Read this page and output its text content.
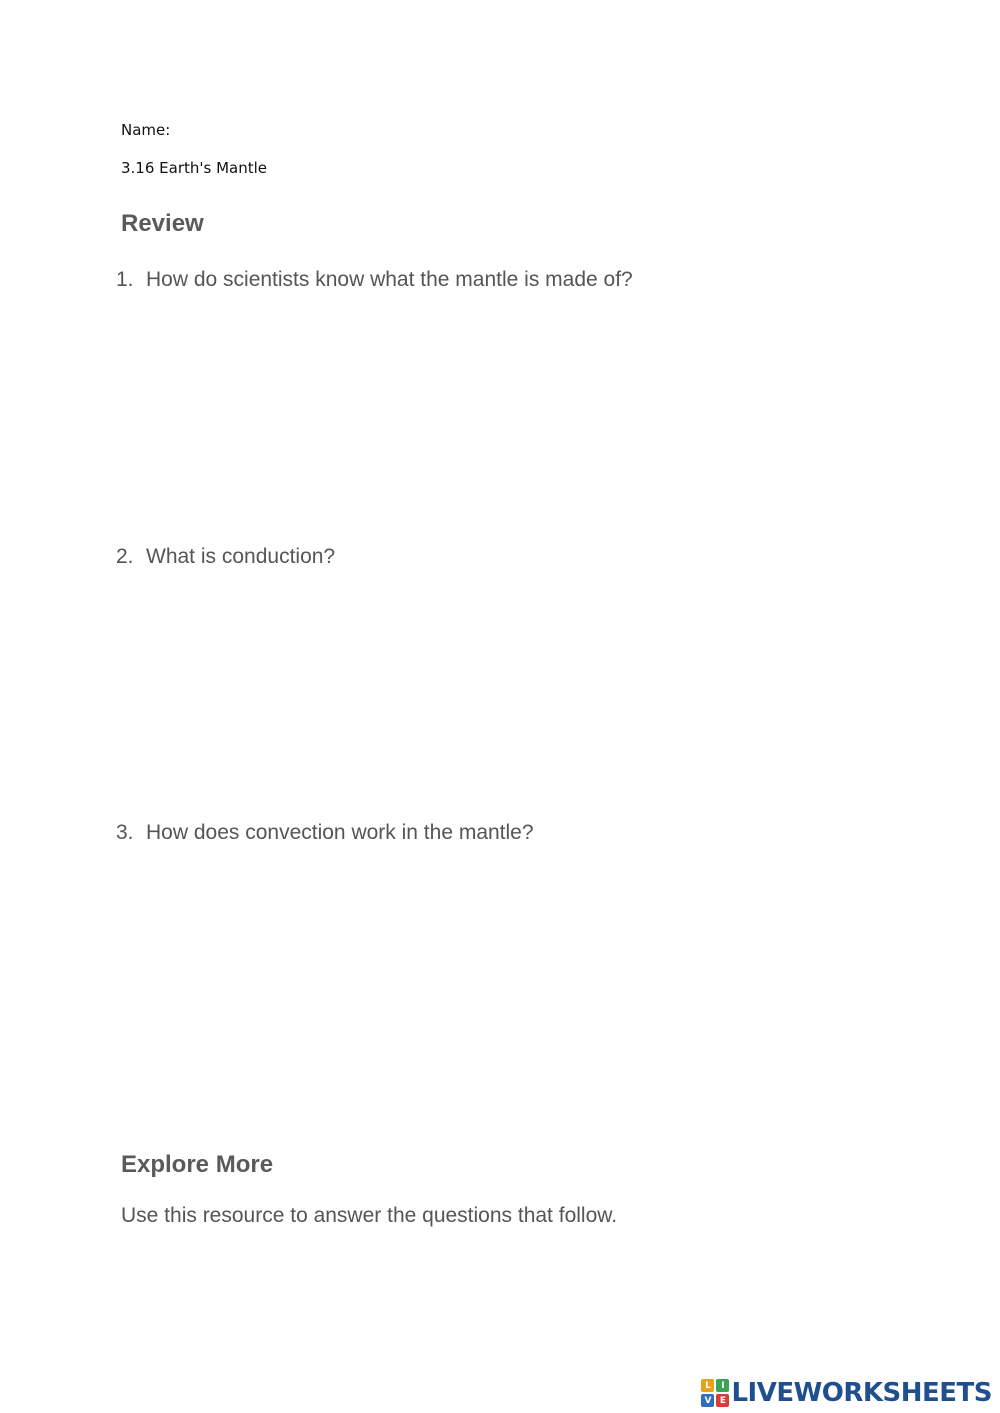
Name:
3.16 Earth's Mantle
Review
1. How do scientists know what the mantle is made of?
2. What is conduction?
3. How does convection work in the mantle?
Explore More
Use this resource to answer the questions that follow.
L	I
V E LIVEWORKSHEETS
